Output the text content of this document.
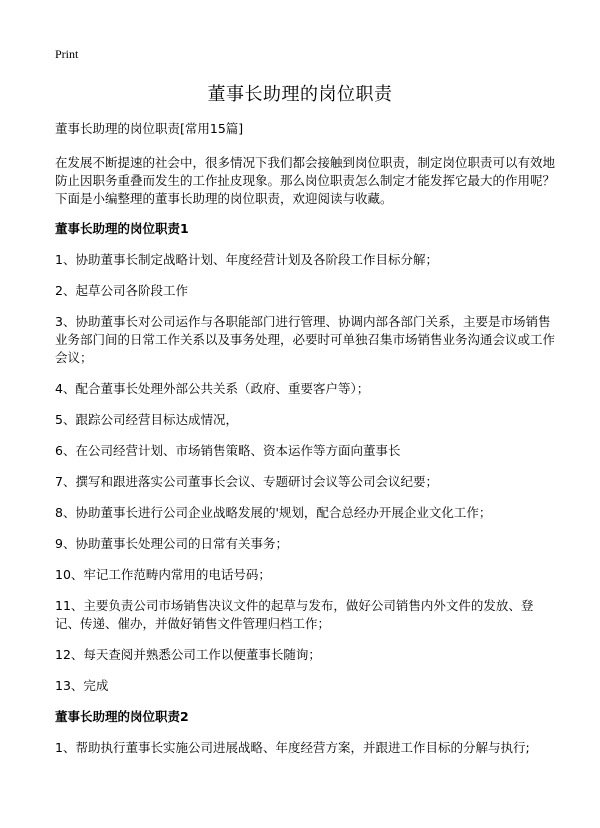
Print
董事长助理的岗位职责

董事长助理的岗位职责[常用15篇]

在发展不断提速的社会中，很多情况下我们都会接触到岗位职责，制定岗位职责可以有效地防止因职务重叠而发生的工作扯皮现象。那么岗位职责怎么制定才能发挥它最大的作用呢？下面是小编整理的董事长助理的岗位职责，欢迎阅读与收藏。

董事长助理的岗位职责1

1、协助董事长制定战略计划、年度经营计划及各阶段工作目标分解；

2、起草公司各阶段工作

3、协助董事长对公司运作与各职能部门进行管理、协调内部各部门关系，主要是市场销售业务部门间的日常工作关系以及事务处理，必要时可单独召集市场销售业务沟通会议或工作会议；

4、配合董事长处理外部公共关系（政府、重要客户等）；

5、跟踪公司经营目标达成情况，

6、在公司经营计划、市场销售策略、资本运作等方面向董事长

7、撰写和跟进落实公司董事长会议、专题研讨会议等公司会议纪要；

8、协助董事长进行公司企业战略发展的'规划，配合总经办开展企业文化工作；

9、协助董事长处理公司的日常有关事务；

10、牢记工作范畴内常用的电话号码；

11、主要负责公司市场销售决议文件的起草与发布，做好公司销售内外文件的发放、登记、传递、催办，并做好销售文件管理归档工作；

12、每天查阅并熟悉公司工作以便董事长随询；

13、完成

董事长助理的岗位职责2

1、帮助执行董事长实施公司进展战略、年度经营方案，并跟进工作目标的分解与执行;
